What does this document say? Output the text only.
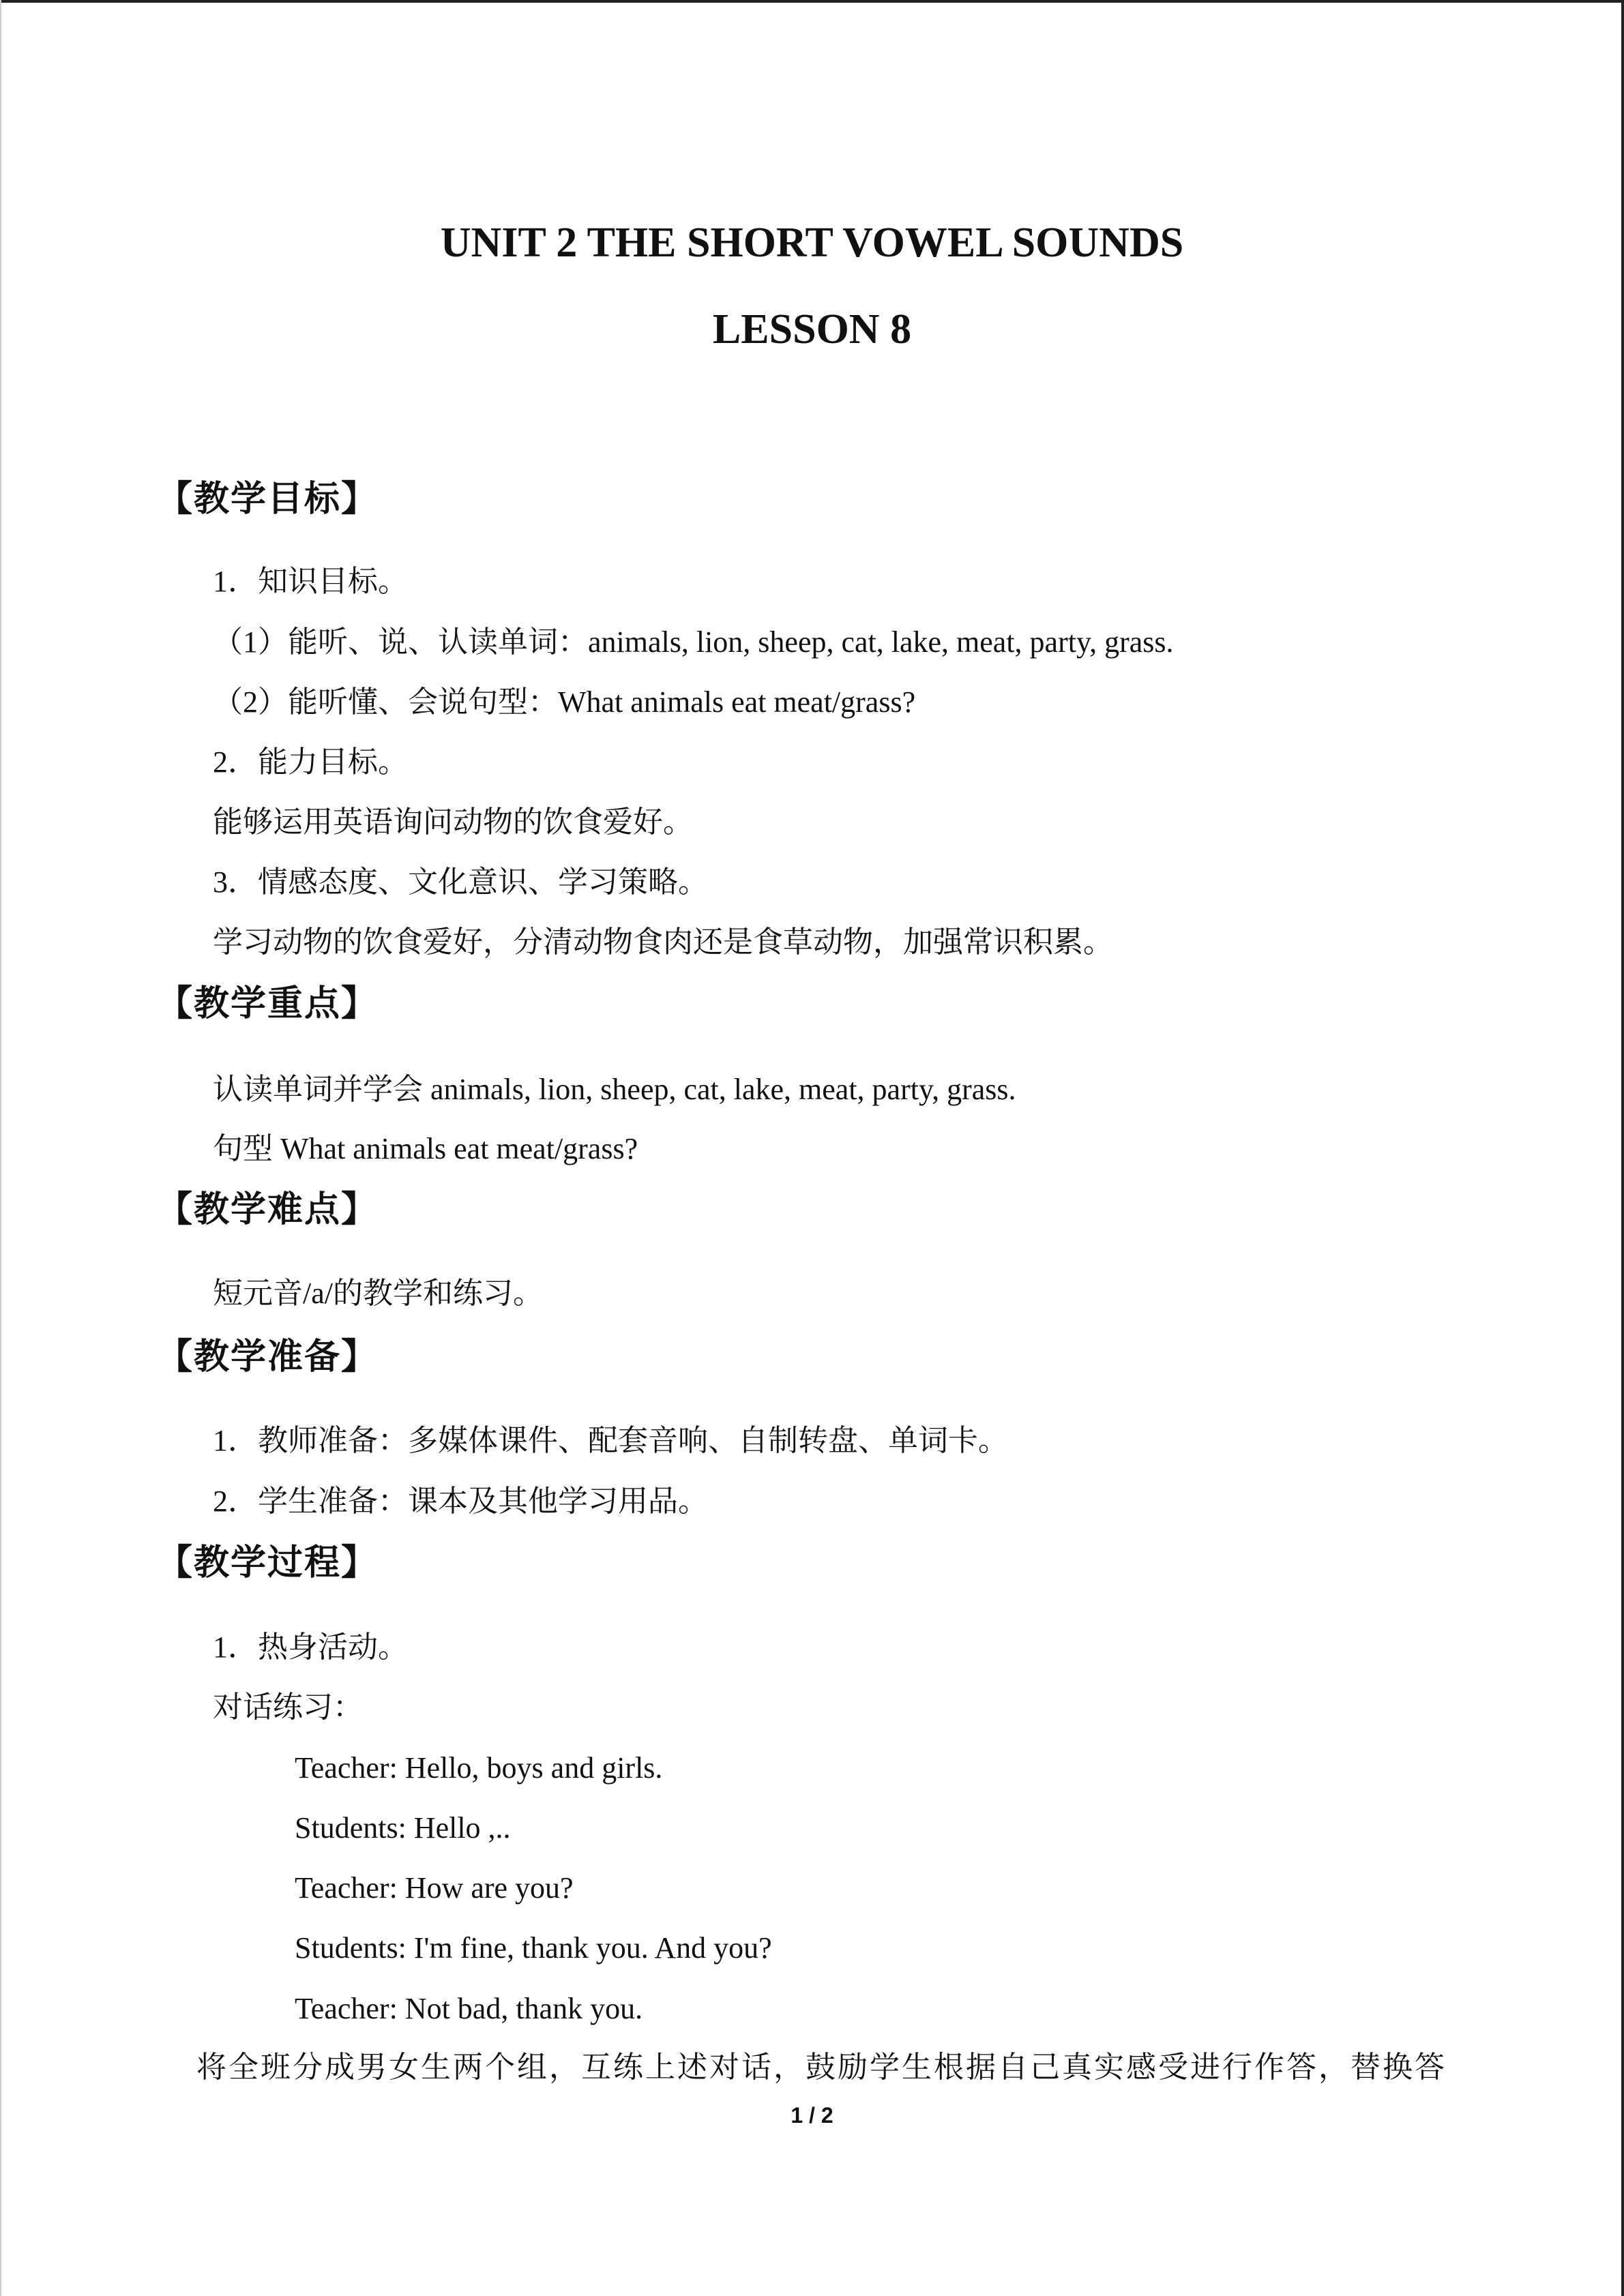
UNIT 2 THE SHORT VOWEL SOUNDS
LESSON 8
【教学目标】

1．知识目标。

（1）能听、说、认读单词：animals, lion, sheep, cat, lake, meat, party, grass.

（2）能听懂、会说句型：What animals eat meat/grass?

2．能力目标。

能够运用英语询问动物的饮食爱好。

3．情感态度、文化意识、学习策略。

学习动物的饮食爱好，分清动物食肉还是食草动物，加强常识积累。

【教学重点】

认读单词并学会 animals, lion, sheep, cat, lake, meat, party, grass.

句型 What animals eat meat/grass?

【教学难点】

短元音/a/的教学和练习。

【教学准备】

1．教师准备：多媒体课件、配套音响、自制转盘、单词卡。

2．学生准备：课本及其他学习用品。

【教学过程】

1．热身活动。

对话练习：

Teacher: Hello, boys and girls.

Students: Hello ,..

Teacher: How are you?

Students: I'm fine, thank you. And you?

Teacher: Not bad, thank you.

将全班分成男女生两个组，互练上述对话，鼓励学生根据自己真实感受进行作答，替换答

1 / 2
